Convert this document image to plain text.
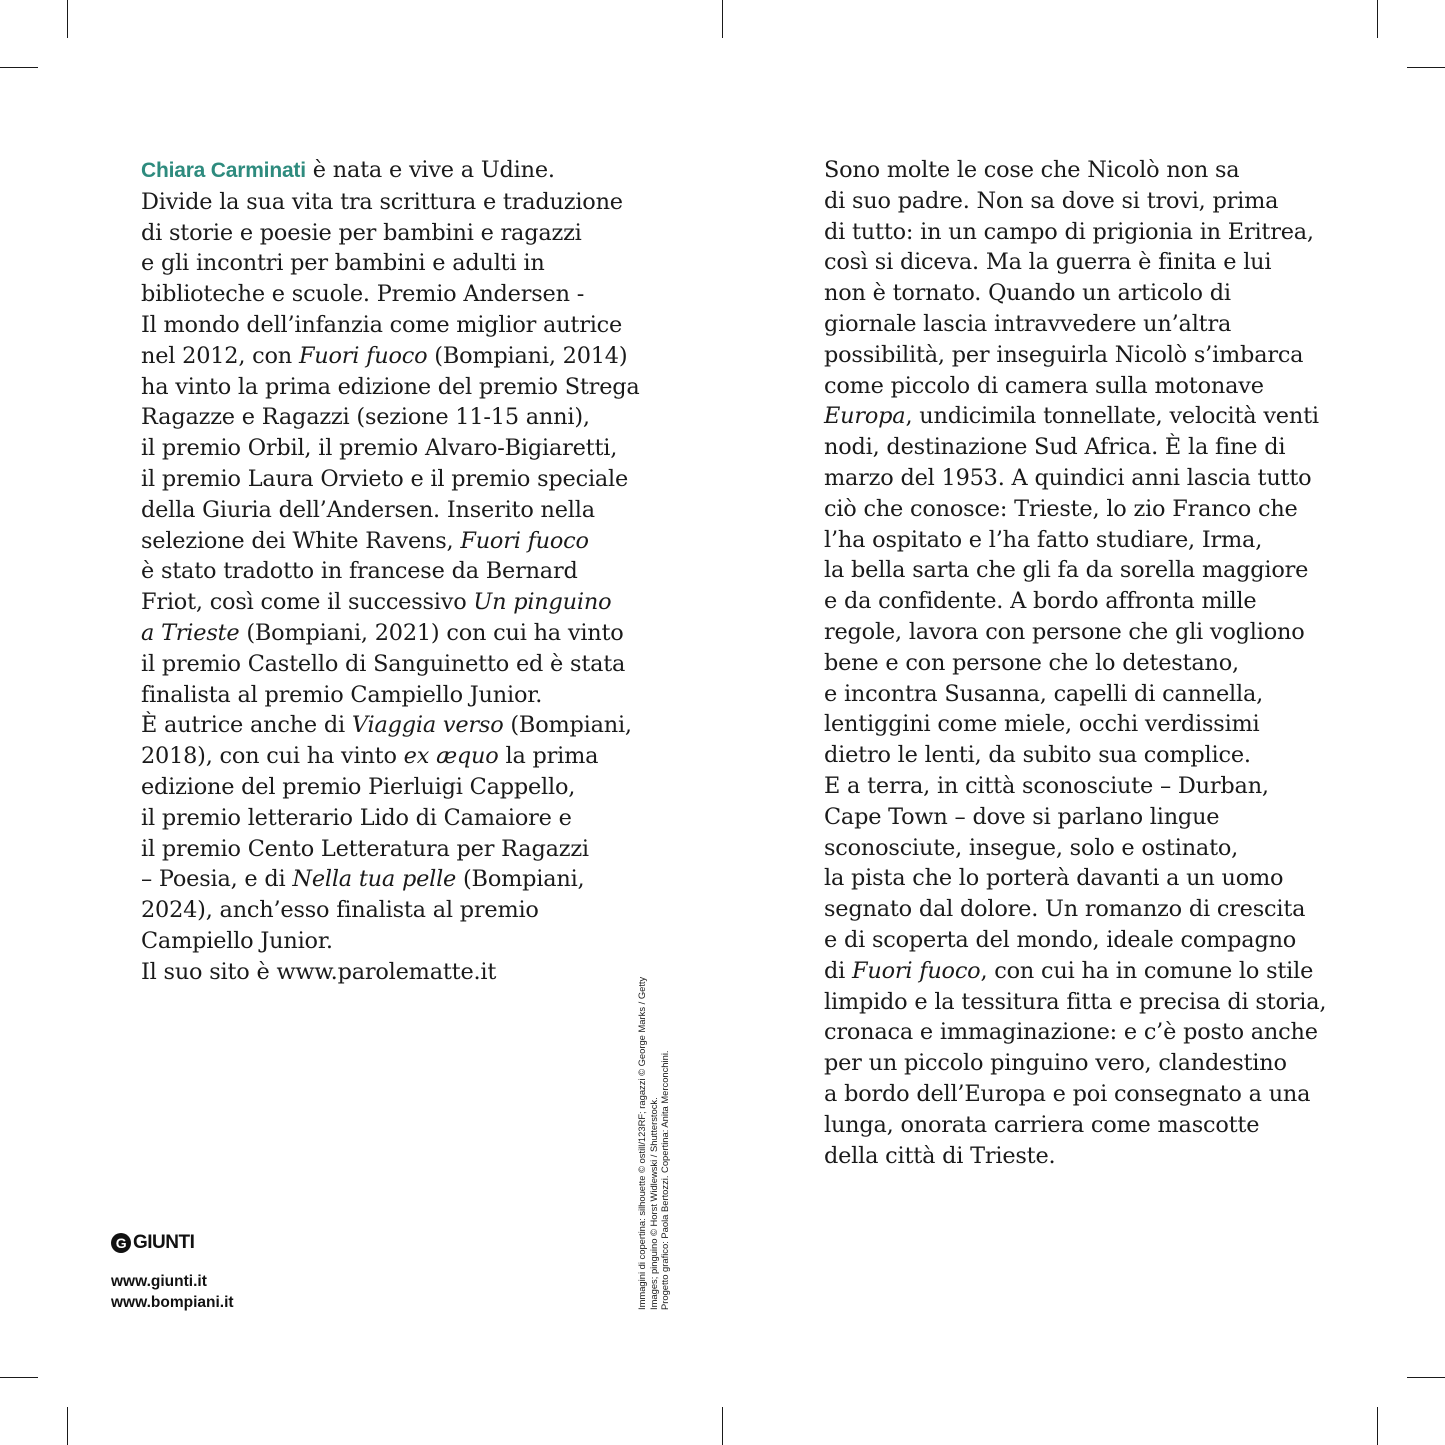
Chiara Carminati è nata e vive a Udine.
Divide la sua vita tra scrittura e traduzione
di storie e poesie per bambini e ragazzi
e gli incontri per bambini e adulti in
biblioteche e scuole. Premio Andersen -
Il mondo dell’infanzia come miglior autrice
nel 2012, con Fuori fuoco (Bompiani, 2014)
ha vinto la prima edizione del premio Strega
Ragazze e Ragazzi (sezione 11-15 anni),
il premio Orbil, il premio Alvaro-Bigiaretti,
il premio Laura Orvieto e il premio speciale
della Giuria dell’Andersen. Inserito nella
selezione dei White Ravens, Fuori fuoco
è stato tradotto in francese da Bernard
Friot, così come il successivo Un pinguino
a Trieste (Bompiani, 2021) con cui ha vinto
il premio Castello di Sanguinetto ed è stata
finalista al premio Campiello Junior.
È autrice anche di Viaggia verso (Bompiani,
2018), con cui ha vinto ex æquo la prima
edizione del premio Pierluigi Cappello,
il premio letterario Lido di Camaiore e
il premio Cento Letteratura per Ragazzi
– Poesia, e di Nella tua pelle (Bompiani,
2024), anch’esso finalista al premio
Campiello Junior.
Il suo sito è www.parolematte.it
Sono molte le cose che Nicolò non sa
di suo padre. Non sa dove si trovi, prima
di tutto: in un campo di prigionia in Eritrea,
così si diceva. Ma la guerra è finita e lui
non è tornato. Quando un articolo di
giornale lascia intravvedere un’altra
possibilità, per inseguirla Nicolò s’imbarca
come piccolo di camera sulla motonave
Europa, undicimila tonnellate, velocità venti
nodi, destinazione Sud Africa. È la fine di
marzo del 1953. A quindici anni lascia tutto
ciò che conosce: Trieste, lo zio Franco che
l’ha ospitato e l’ha fatto studiare, Irma,
la bella sarta che gli fa da sorella maggiore
e da confidente. A bordo affronta mille
regole, lavora con persone che gli vogliono
bene e con persone che lo detestano,
e incontra Susanna, capelli di cannella,
lentiggini come miele, occhi verdissimi
dietro le lenti, da subito sua complice.
E a terra, in città sconosciute – Durban,
Cape Town – dove si parlano lingue
sconosciute, insegue, solo e ostinato,
la pista che lo porterà davanti a un uomo
segnato dal dolore. Un romanzo di crescita
e di scoperta del mondo, ideale compagno
di Fuori fuoco, con cui ha in comune lo stile
limpido e la tessitura fitta e precisa di storia,
cronaca e immaginazione: e c’è posto anche
per un piccolo pinguino vero, clandestino
a bordo dell’Europa e poi consegnato a una
lunga, onorata carriera come mascotte
della città di Trieste.
Immagini di copertina: silhouette © ostill/123RF; ragazzi © George Marks / Getty Images; pinguino © Horst Widlewski / Shutterstock. Progetto grafico: Paola Bertozzi. Copertina: Anita Merconchini.
G GIUNTI
www.giunti.it
www.bompiani.it
